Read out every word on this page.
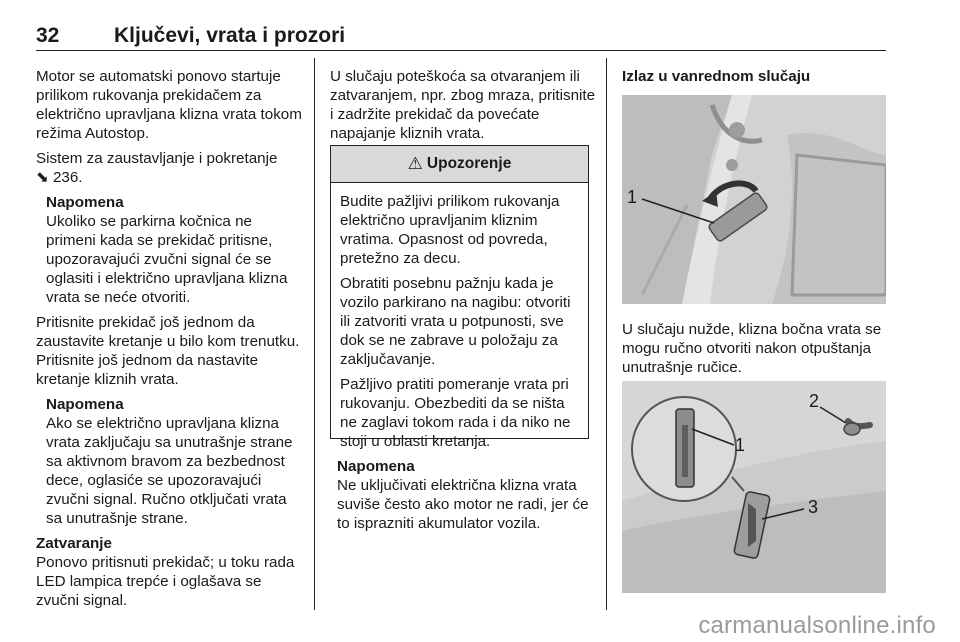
32	Ključevi, vrata i prozori

Motor se automatski ponovo startuje prilikom rukovanja prekidačem za električno upravljana klizna vrata tokom režima Autostop.

Sistem za zaustavljanje i pokretanje
⬊ 236.

Napomena

Ukoliko se parkirna kočnica ne primeni kada se prekidač pritisne, upozoravajući zvučni signal će se oglasiti i električno upravljana klizna vrata se neće otvoriti.

Pritisnite prekidač još jednom da zaustavite kretanje u bilo kom trenutku. Pritisnite još jednom da nastavite kretanje kliznih vrata.

Napomena

Ako se električno upravljana klizna vrata zaključaju sa unutrašnje strane sa aktivnom bravom za bezbednost dece, oglasiće se upozoravajući zvučni signal. Ručno otključati vrata sa unutrašnje strane.

Zatvaranje

Ponovo pritisnuti prekidač; u toku rada LED lampica trepće i oglašava se zvučni signal.

U slučaju poteškoća sa otvaranjem ili zatvaranjem, npr. zbog mraza, pritisnite i zadržite prekidač da povećate napajanje kliznih vrata.

⚠ Upozorenje

Budite pažljivi prilikom rukovanja električno upravljanim kliznim vratima. Opasnost od povreda, pretežno za decu.

Obratiti posebnu pažnju kada je vozilo parkirano na nagibu: otvoriti ili zatvoriti vrata u potpunosti, sve dok se ne zabrave u položaju za zaključavanje.

Pažljivo pratiti pomeranje vrata pri rukovanju. Obezbediti da se ništa ne zaglavi tokom rada i da niko ne stoji u oblasti kretanja.

Napomena

Ne uključivati električna klizna vrata suviše često ako motor ne radi, jer će to isprazniti akumulator vozila.

Izlaz u vanrednom slučaju
1

U slučaju nužde, klizna bočna vrata se mogu ručno otvoriti nakon otpuštanja unutrašnje ručice.

2
1
3
carmanualsonline.info
